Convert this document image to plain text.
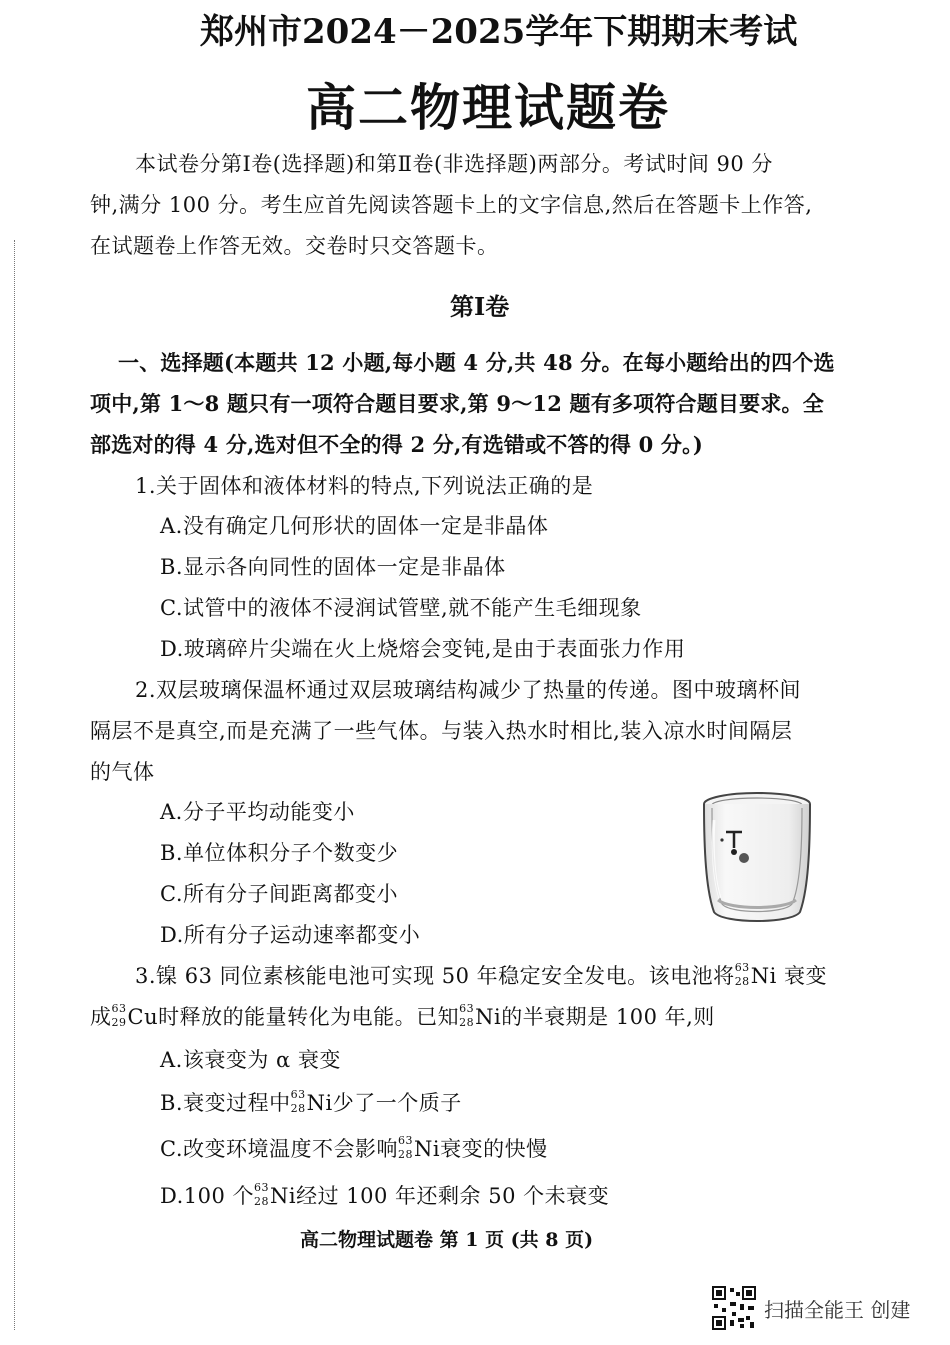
郑州市2024－2025学年下期期末考试
高二物理试题卷
本试卷分第Ⅰ卷(选择题)和第Ⅱ卷(非选择题)两部分。考试时间 90 分
钟,满分 100 分。考生应首先阅读答题卡上的文字信息,然后在答题卡上作答,
在试题卷上作答无效。交卷时只交答题卡。
第Ⅰ卷
一、选择题(本题共 12 小题,每小题 4 分,共 48 分。在每小题给出的四个选
项中,第 1～8 题只有一项符合题目要求,第 9～12 题有多项符合题目要求。全
部选对的得 4 分,选对但不全的得 2 分,有选错或不答的得 0 分。)
1.关于固体和液体材料的特点,下列说法正确的是
A.没有确定几何形状的固体一定是非晶体
B.显示各向同性的固体一定是非晶体
C.试管中的液体不浸润试管壁,就不能产生毛细现象
D.玻璃碎片尖端在火上烧熔会变钝,是由于表面张力作用
2.双层玻璃保温杯通过双层玻璃结构减少了热量的传递。图中玻璃杯间
隔层不是真空,而是充满了一些气体。与装入热水时相比,装入凉水时间隔层
的气体
A.分子平均动能变小
B.单位体积分子个数变少
C.所有分子间距离都变小
D.所有分子运动速率都变小
3.镍 63 同位素核能电池可实现 50 年稳定安全发电。该电池将 63
28 Ni 衰变
成 63
29 Cu时释放的能量转化为电能。已知 63
28 Ni的半衰期是 100 年,则
A.该衰变为 α 衰变
B.衰变过程中 63
28 Ni少了一个质子
C.改变环境温度不会影响 63
28 Ni衰变的快慢
D.100 个 63
28 Ni经过 100 年还剩余 50 个未衰变
高二物理试题卷 第 1 页 (共 8 页)
扫描全能王 创建
